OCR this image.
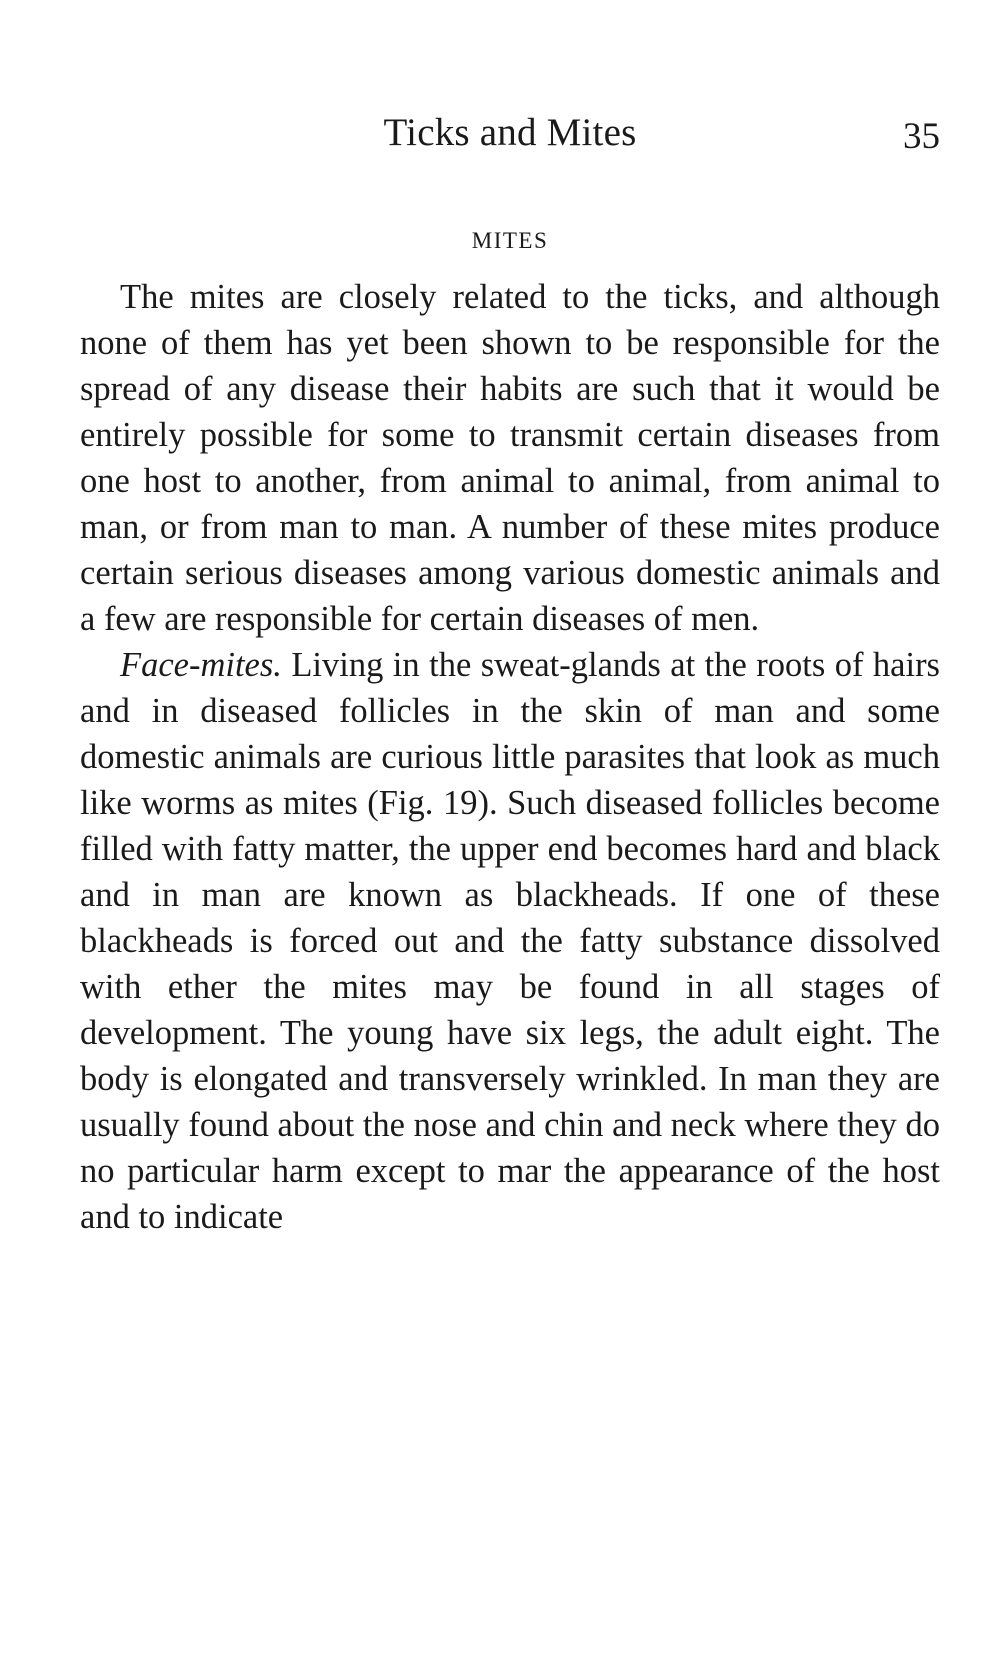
Ticks and Mites	35
MITES

The mites are closely related to the ticks, and although none of them has yet been shown to be responsible for the spread of any disease their habits are such that it would be entirely possible for some to transmit certain diseases from one host to another, from animal to animal, from animal to man, or from man to man. A number of these mites produce certain serious diseases among various domestic animals and a few are responsible for certain diseases of men.

Face-mites. Living in the sweat-glands at the roots of hairs and in diseased follicles in the skin of man and some domestic animals are curious little parasites that look as much like worms as mites (Fig. 19). Such diseased follicles become filled with fatty matter, the upper end becomes hard and black and in man are known as blackheads. If one of these blackheads is forced out and the fatty substance dissolved with ether the mites may be found in all stages of development. The young have six legs, the adult eight. The body is elongated and transversely wrinkled. In man they are usually found about the nose and chin and neck where they do no particular harm except to mar the appearance of the host and to indicate
